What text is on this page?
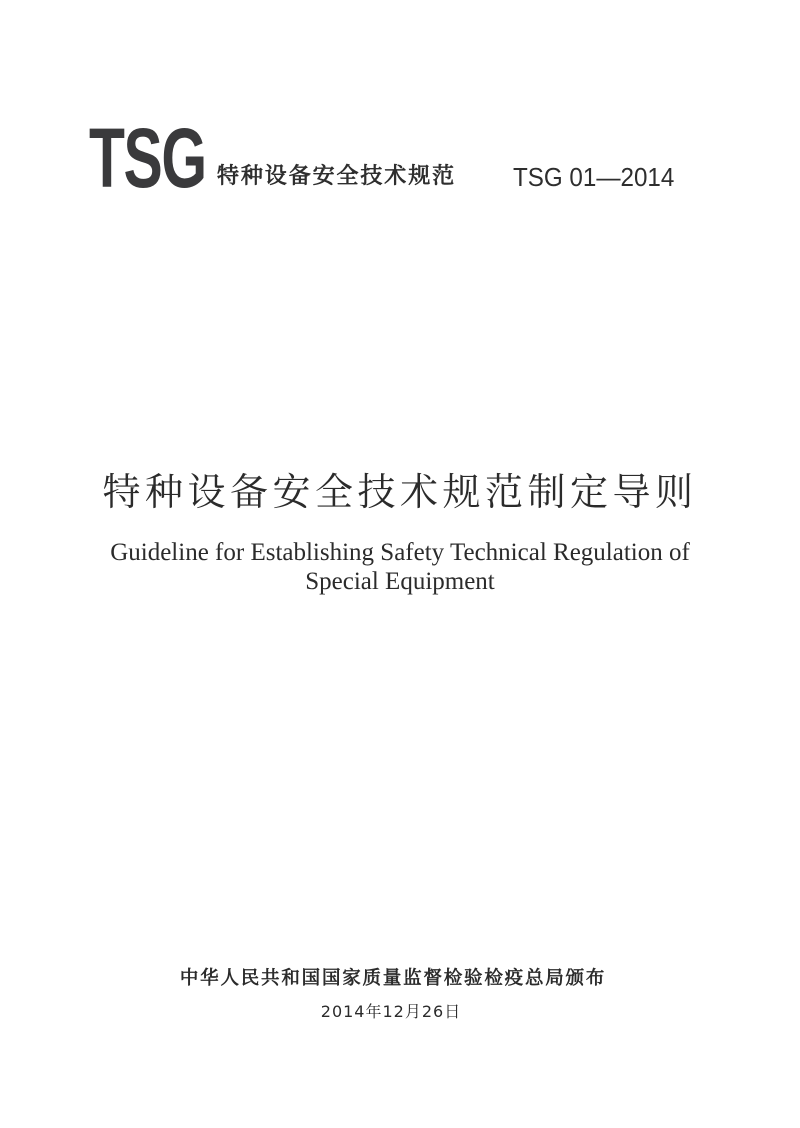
TSG 特种设备安全技术规范 TSG 01—2014
特种设备安全技术规范制定导则
Guideline for Establishing Safety Technical Regulation of
Special Equipment
中华人民共和国国家质量监督检验检疫总局颁布
2014年12月26日
